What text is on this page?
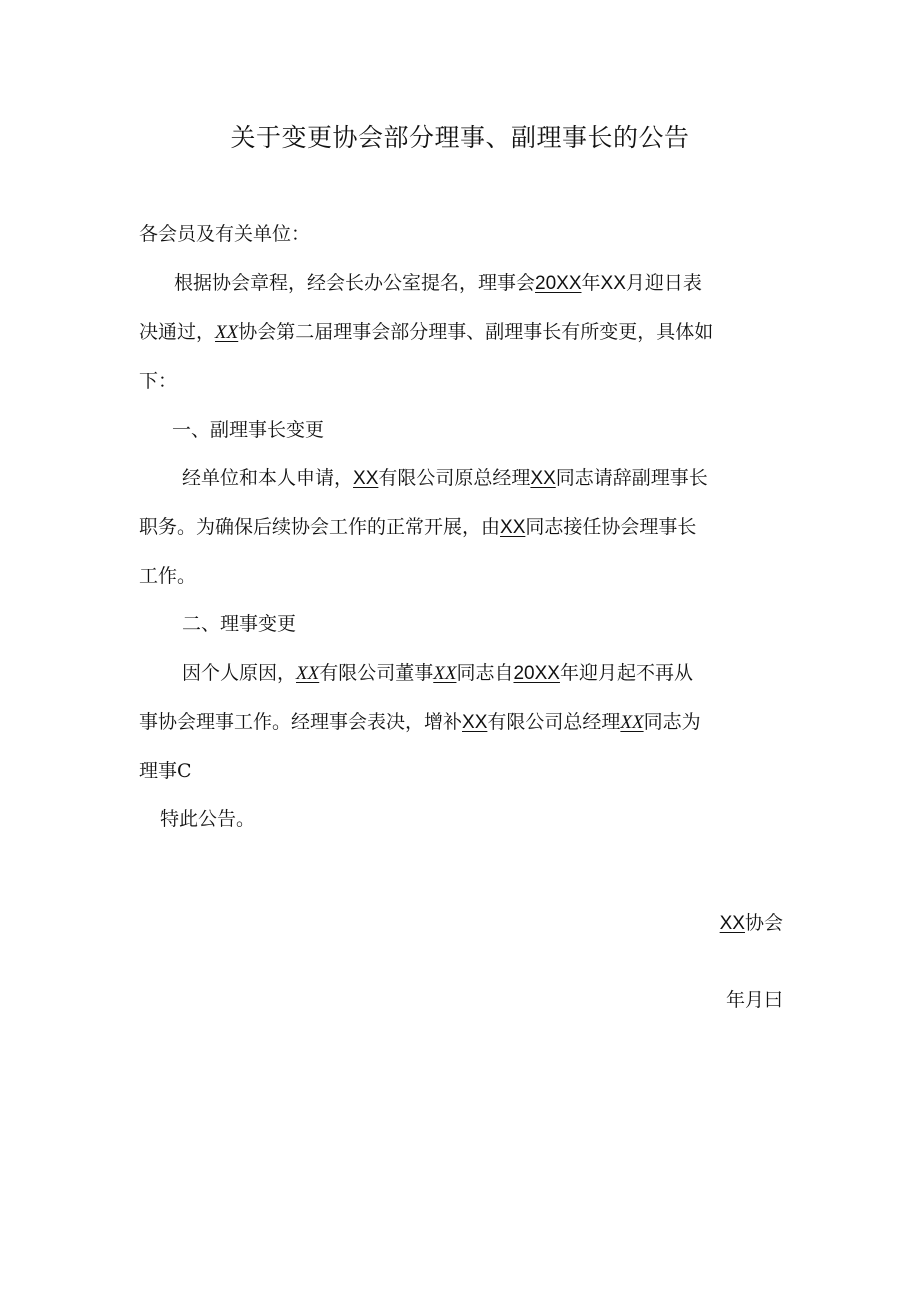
关于变更协会部分理事、副理事长的公告
各会员及有关单位：
根据协会章程，经会长办公室提名，理事会20XX年XX月迎日表
决通过，XX协会第二届理事会部分理事、副理事长有所变更，具体如
下：
一、副理事长变更
经单位和本人申请，XX有限公司原总经理XX同志请辞副理事长
职务。为确保后续协会工作的正常开展，由XX同志接任协会理事长
工作。
二、理事变更
因个人原因，XX有限公司董事XX同志自20XX年迎月起不再从
事协会理事工作。经理事会表决，增补XX有限公司总经理XX同志为
理事C
特此公告。
XX协会
年月曰
